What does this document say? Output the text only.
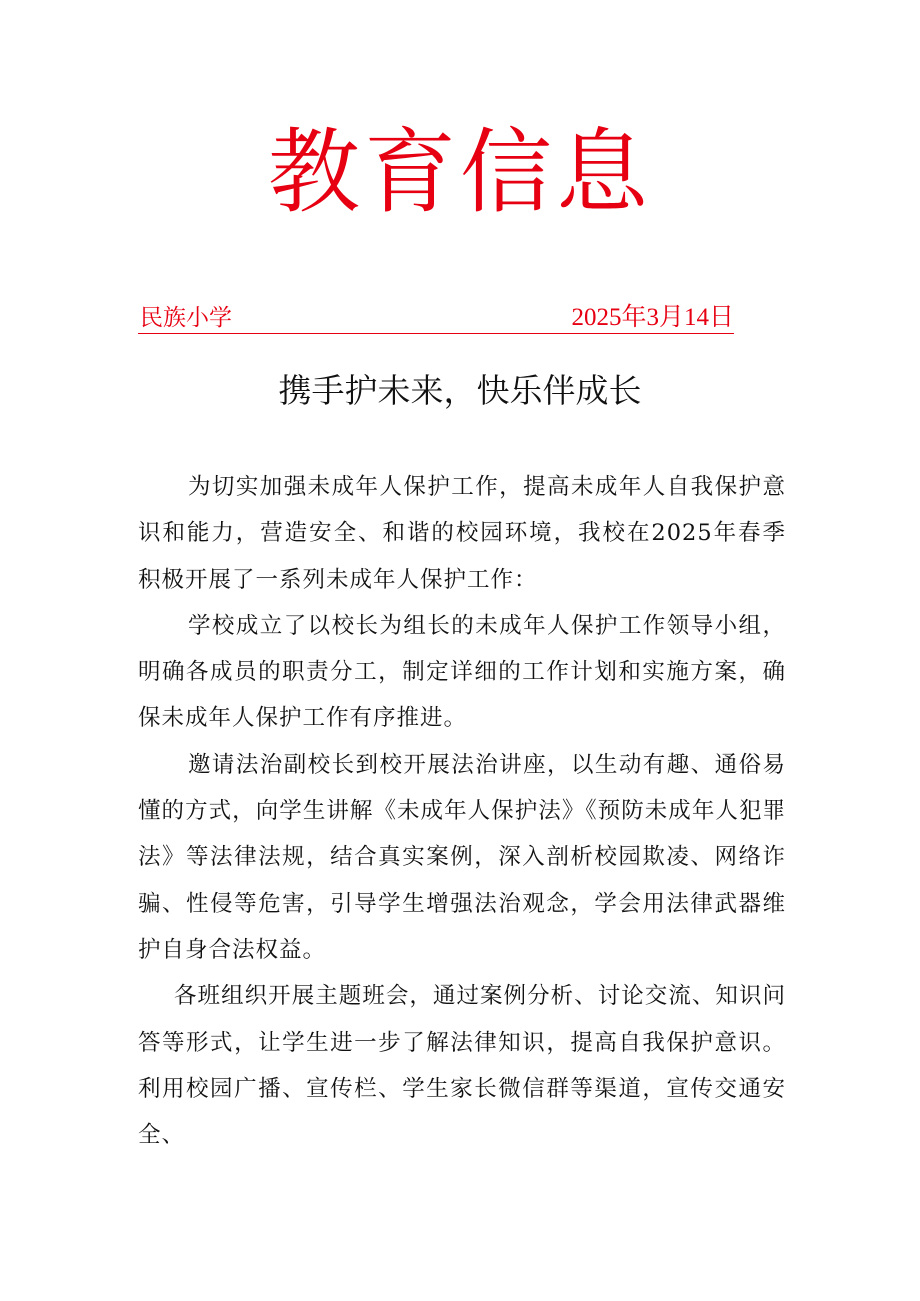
教育信息
民族小学	2025年3月14日
携手护未来，快乐伴成长

为切实加强未成年人保护工作，提高未成年人自我保护意识和能力，营造安全、和谐的校园环境，我校在2025年春季积极开展了一系列未成年人保护工作：

学校成立了以校长为组长的未成年人保护工作领导小组，明确各成员的职责分工，制定详细的工作计划和实施方案，确保未成年人保护工作有序推进。

邀请法治副校长到校开展法治讲座，以生动有趣、通俗易懂的方式，向学生讲解《未成年人保护法》《预防未成年人犯罪法》等法律法规，结合真实案例，深入剖析校园欺凌、网络诈骗、性侵等危害，引导学生增强法治观念，学会用法律武器维护自身合法权益。

各班组织开展主题班会，通过案例分析、讨论交流、知识问答等形式，让学生进一步了解法律知识，提高自我保护意识。利用校园广播、宣传栏、学生家长微信群等渠道，宣传交通安全、
